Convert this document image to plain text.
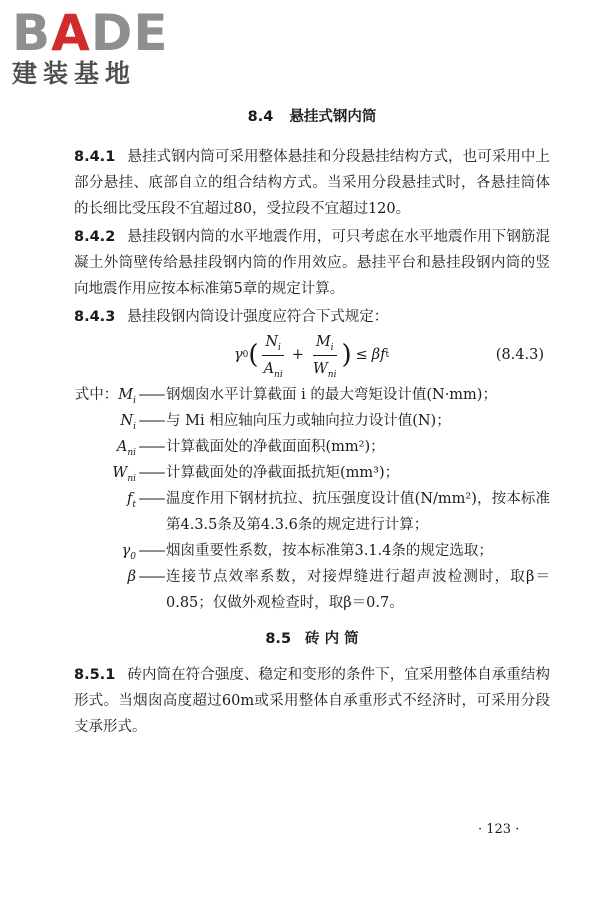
BADE
建装基地
8.4 悬挂式钢内筒
8.4.1 悬挂式钢内筒可采用整体悬挂和分段悬挂结构方式，也可采用中上部分悬挂、底部自立的组合结构方式。当采用分段悬挂式时，各悬挂筒体的长细比受压段不宜超过80，受拉段不宜超过120。
8.4.2 悬挂段钢内筒的水平地震作用，可只考虑在水平地震作用下钢筋混凝土外筒壁传给悬挂段钢内筒的作用效应。悬挂平台和悬挂段钢内筒的竖向地震作用应按本标准第5章的规定计算。
8.4.3 悬挂段钢内筒设计强度应符合下式规定：
γ 0 ( $\frac{N_i}{A_{ni}} + \frac{M_i}{W_{ni}}$ ) ≤ βf t	(8.4.3)
式中：$M_i$ —— 钢烟囱水平计算截面 i 的最大弯矩设计值(N·mm)；
$N_i$ —— 与 Mi 相应轴向压力或轴向拉力设计值(N)；
$A_{ni}$ —— 计算截面处的净截面面积(mm²)；
$W_{ni}$ —— 计算截面处的净截面抵抗矩(mm³)；
$f_t$ —— 温度作用下钢材抗拉、抗压强度设计值(N/mm²)，按本标准第4.3.5条及第4.3.6条的规定进行计算；
$\gamma_0$ —— 烟囱重要性系数，按本标准第3.1.4条的规定选取；
β —— 连接节点效率系数，对接焊缝进行超声波检测时，取β＝0.85；仅做外观检查时，取β＝0.7。
8.5 砖 内 筒
8.5.1 砖内筒在符合强度、稳定和变形的条件下，宜采用整体自承重结构形式。当烟囱高度超过60m或采用整体自承重形式不经济时，可采用分段支承形式。
· 123 ·
